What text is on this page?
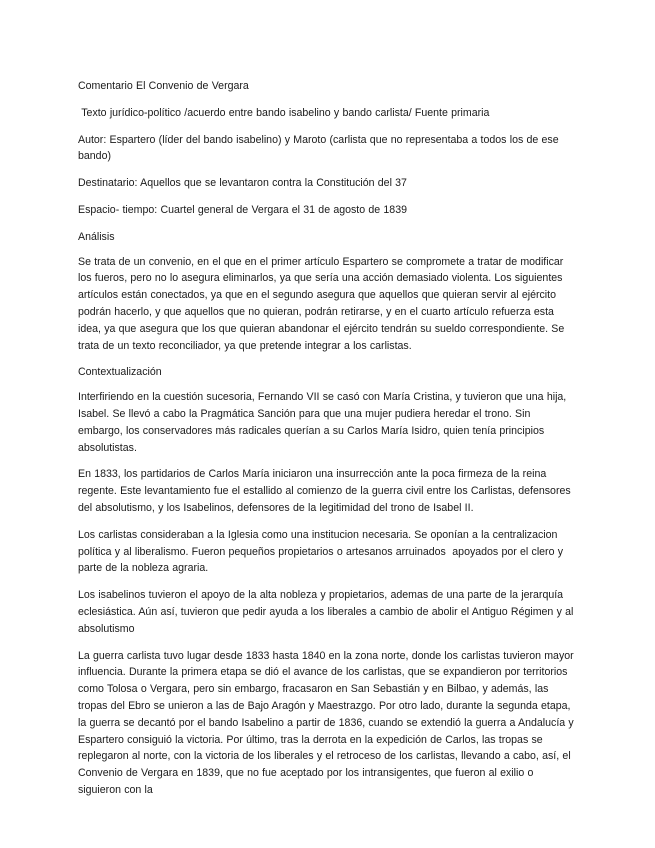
Comentario El Convenio de Vergara

Texto jurídico-político /acuerdo entre bando isabelino y bando carlista/ Fuente primaria

Autor: Espartero (líder del bando isabelino) y Maroto (carlista que no representaba a todos los de ese bando)

Destinatario: Aquellos que se levantaron contra la Constitución del 37

Espacio- tiempo: Cuartel general de Vergara el 31 de agosto de 1839

Análisis

Se trata de un convenio, en el que en el primer artículo Espartero se compromete a tratar de modificar los fueros, pero no lo asegura eliminarlos, ya que sería una acción demasiado violenta. Los siguientes artículos están conectados, ya que en el segundo asegura que aquellos que quieran servir al ejército podrán hacerlo, y que aquellos que no quieran, podrán retirarse, y en el cuarto artículo refuerza esta idea, ya que asegura que los que quieran abandonar el ejército tendrán su sueldo correspondiente. Se trata de un texto reconciliador, ya que pretende integrar a los carlistas.

Contextualización

Interfiriendo en la cuestión sucesoria, Fernando VII se casó con María Cristina, y tuvieron que una hija, Isabel. Se llevó a cabo la Pragmática Sanción para que una mujer pudiera heredar el trono. Sin embargo, los conservadores más radicales querían a su Carlos María Isidro, quien tenía principios absolutistas.

En 1833, los partidarios de Carlos María iniciaron una insurrección ante la poca firmeza de la reina regente. Este levantamiento fue el estallido al comienzo de la guerra civil entre los Carlistas, defensores del absolutismo, y los Isabelinos, defensores de la legitimidad del trono de Isabel II.

Los carlistas consideraban a la Iglesia como una institucion necesaria. Se oponían a la centralizacion política y al liberalismo. Fueron pequeños propietarios o artesanos arruinados  apoyados por el clero y parte de la nobleza agraria.

Los isabelinos tuvieron el apoyo de la alta nobleza y propietarios, ademas de una parte de la jerarquía eclesiástica. Aún así, tuvieron que pedir ayuda a los liberales a cambio de abolir el Antiguo Régimen y al absolutismo

La guerra carlista tuvo lugar desde 1833 hasta 1840 en la zona norte, donde los carlistas tuvieron mayor influencia. Durante la primera etapa se dió el avance de los carlistas, que se expandieron por territorios como Tolosa o Vergara, pero sin embargo, fracasaron en San Sebastián y en Bilbao, y además, las tropas del Ebro se unieron a las de Bajo Aragón y Maestrazgo. Por otro lado, durante la segunda etapa, la guerra se decantó por el bando Isabelino a partir de 1836, cuando se extendió la guerra a Andalucía y Espartero consiguió la victoria. Por último, tras la derrota en la expedición de Carlos, las tropas se replegaron al norte, con la victoria de los liberales y el retroceso de los carlistas, llevando a cabo, así, el Convenio de Vergara en 1839, que no fue aceptado por los intransigentes, que fueron al exilio o siguieron con la
